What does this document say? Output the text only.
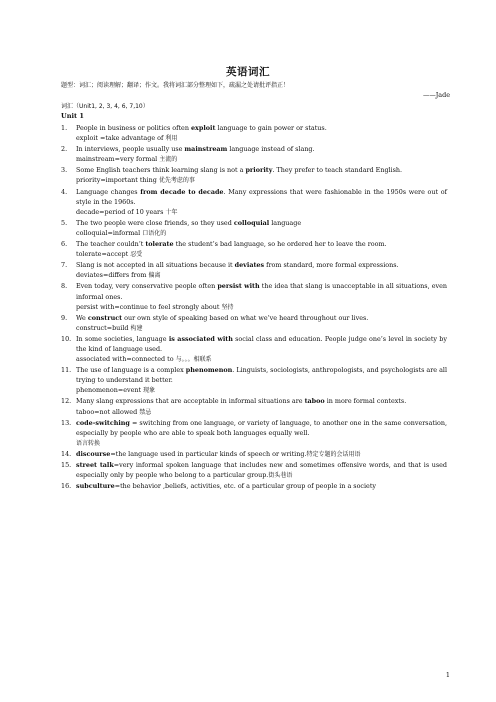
英语词汇
题型：词汇；阅读理解；翻译；作文。我将词汇部分整理如下，疏漏之处请批评指正！
——Jade
词汇（Unit1, 2, 3, 4, 6, 7,10）
Unit 1
1.	People in business or politics often exploit language to gain power or status.
exploit =take advantage of 利用
2.	In interviews, people usually use mainstream language instead of slang.
mainstream=very formal 主流的
3.	Some English teachers think learning slang is not a priority. They prefer to teach standard English.
priority=important thing 优先考虑的事
4.	Language changes from decade to decade. Many expressions that were fashionable in the 1950s were out of style in the 1960s.
decade=period of 10 years 十年
5.	The two people were close friends, so they used colloquial language
colloquial=informal 口语化的
6.	The teacher couldn’t tolerate the student’s bad language, so he ordered her to leave the room.
tolerate=accept 忍受
7.	Slang is not accepted in all situations because it deviates from standard, more formal expressions.
deviates=differs from 偏离
8.	Even today, very conservative people often persist with the idea that slang is unacceptable in all situations, even informal ones.
persist with=continue to feel strongly about 坚持
9.	We construct our own style of speaking based on what we’ve heard throughout our lives.
construct=build 构建
10. In some societies, language is associated with social class and education. People judge one’s level in society by the kind of language used.
associated with=connected to 与。。。相联系
11. The use of language is a complex phenomenon. Linguists, sociologists, anthropologists, and psychologists are all trying to understand it better.
phenomenon=event 现象
12. Many slang expressions that are acceptable in informal situations are taboo in more formal contexts.
taboo=not allowed 禁忌
13. code-switching = switching from one language, or variety of language, to another one in the same conversation, especially by people who are able to speak both languages equally well.
语言转换
14. discourse=the language used in particular kinds of speech or writing.特定专题的会话用语
15. street talk=very informal spoken language that includes new and sometimes offensive words, and that is used especially only by people who belong to a particular group.街头巷语
16. subculture=the behavior ,beliefs, activities, etc. of a particular group of people in a society
1
